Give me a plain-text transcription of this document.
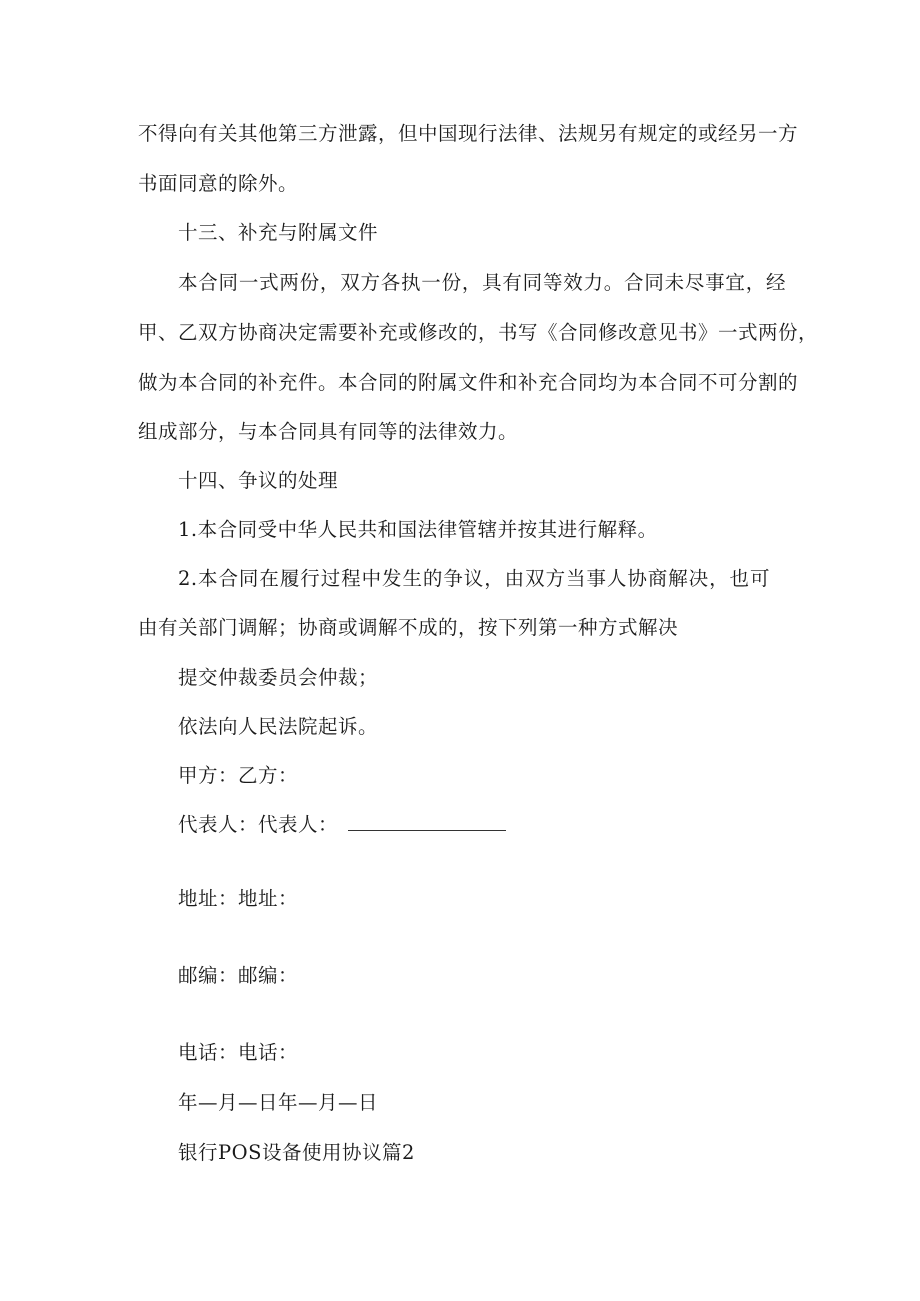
不得向有关其他第三方泄露，但中国现行法律、法规另有规定的或经另一方
书面同意的除外。
十三、补充与附属文件
本合同一式两份，双方各执一份，具有同等效力。合同未尽事宜，经
甲、乙双方协商决定需要补充或修改的，书写《合同修改意见书》一式两份，
做为本合同的补充件。本合同的附属文件和补充合同均为本合同不可分割的
组成部分，与本合同具有同等的法律效力。
十四、争议的处理
1.本合同受中华人民共和国法律管辖并按其进行解释。
2.本合同在履行过程中发生的争议，由双方当事人协商解决，也可
由有关部门调解；协商或调解不成的，按下列第一种方式解决
提交仲裁委员会仲裁；
依法向人民法院起诉。
甲方：乙方：
代表人：代表人：
地址：地址：
邮编：邮编：
电话：电话：
年—月—日年—月—日
银行POS设备使用协议篇2
